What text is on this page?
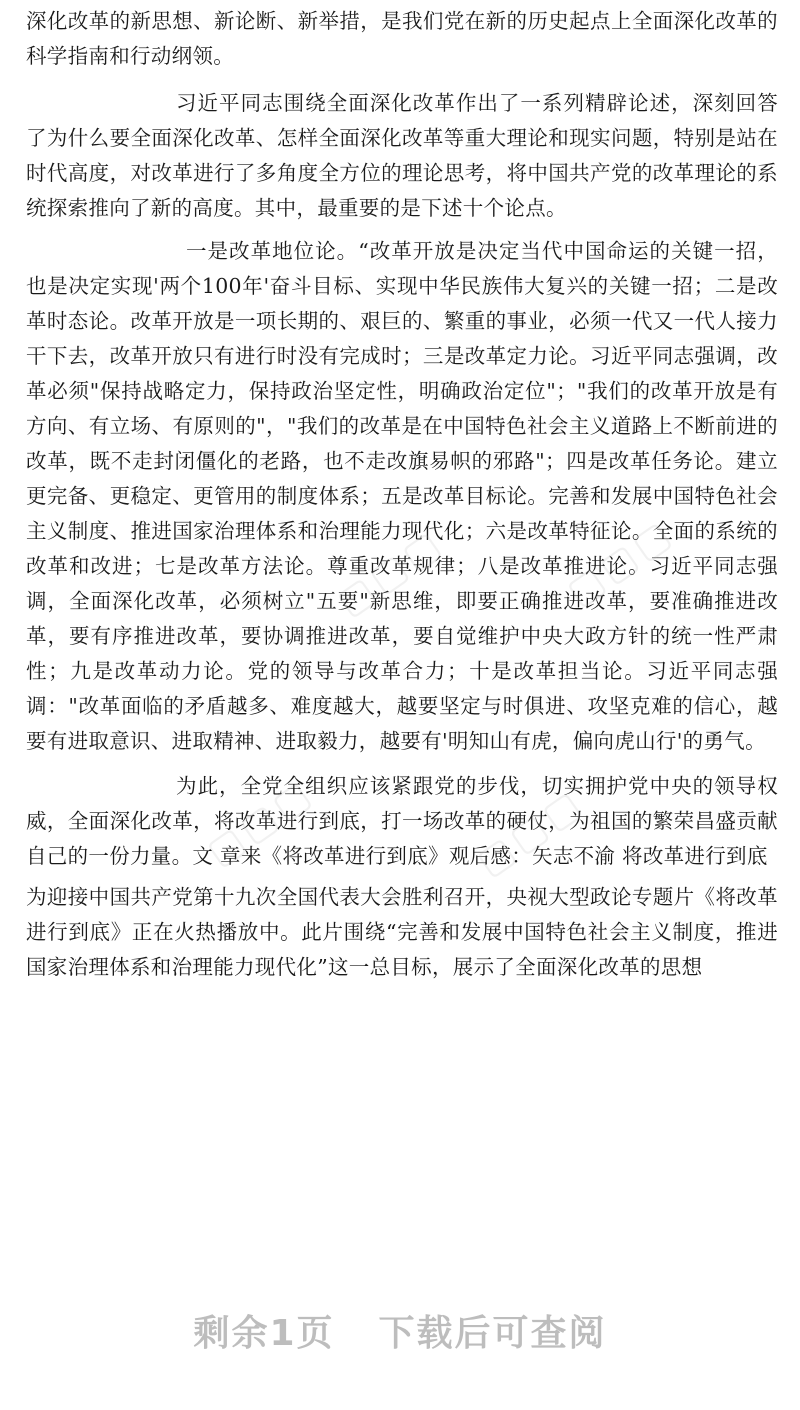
深化改革的新思想、新论断、新举措，是我们党在新的历史起点上全面深化改革的科学指南和行动纲领。

习近平同志围绕全面深化改革作出了一系列精辟论述，深刻回答了为什么要全面深化改革、怎样全面深化改革等重大理论和现实问题，特别是站在时代高度，对改革进行了多角度全方位的理论思考，将中国共产党的改革理论的系统探索推向了新的高度。其中，最重要的是下述十个论点。

一是改革地位论。“改革开放是决定当代中国命运的关键一招，也是决定实现'两个100年'奋斗目标、实现中华民族伟大复兴的关键一招；二是改革时态论。改革开放是一项长期的、艰巨的、繁重的事业，必须一代又一代人接力干下去，改革开放只有进行时没有完成时；三是改革定力论。习近平同志强调，改革必须"保持战略定力，保持政治坚定性，明确政治定位"；"我们的改革开放是有方向、有立场、有原则的"，"我们的改革是在中国特色社会主义道路上不断前进的改革，既不走封闭僵化的老路，也不走改旗易帜的邪路"；四是改革任务论。建立更完备、更稳定、更管用的制度体系；五是改革目标论。完善和发展中国特色社会主义制度、推进国家治理体系和治理能力现代化；六是改革特征论。全面的系统的改革和改进；七是改革方法论。尊重改革规律；八是改革推进论。习近平同志强调，全面深化改革，必须树立"五要"新思维，即要正确推进改革，要准确推进改革，要有序推进改革，要协调推进改革，要自觉维护中央大政方针的统一性严肃性；九是改革动力论。党的领导与改革合力；十是改革担当论。习近平同志强调："改革面临的矛盾越多、难度越大，越要坚定与时俱进、攻坚克难的信心，越要有进取意识、进取精神、进取毅力，越要有'明知山有虎，偏向虎山行'的勇气。

为此，全党全组织应该紧跟党的步伐，切实拥护党中央的领导权威，全面深化改革，将改革进行到底，打一场改革的硬仗，为祖国的繁荣昌盛贡献自己的一份力量。文 章来《将改革进行到底》观后感：矢志不渝 将改革进行到底

为迎接中国共产党第十九次全国代表大会胜利召开，央视大型政论专题片《将改革进行到底》正在火热播放中。此片围绕“完善和发展中国特色社会主义制度，推进国家治理体系和治理能力现代化”这一总目标，展示了全面深化改革的思想

▢▢▢	▢▢▢
▢▢▢	▢▢▢
剩余1页 下载后可查阅
